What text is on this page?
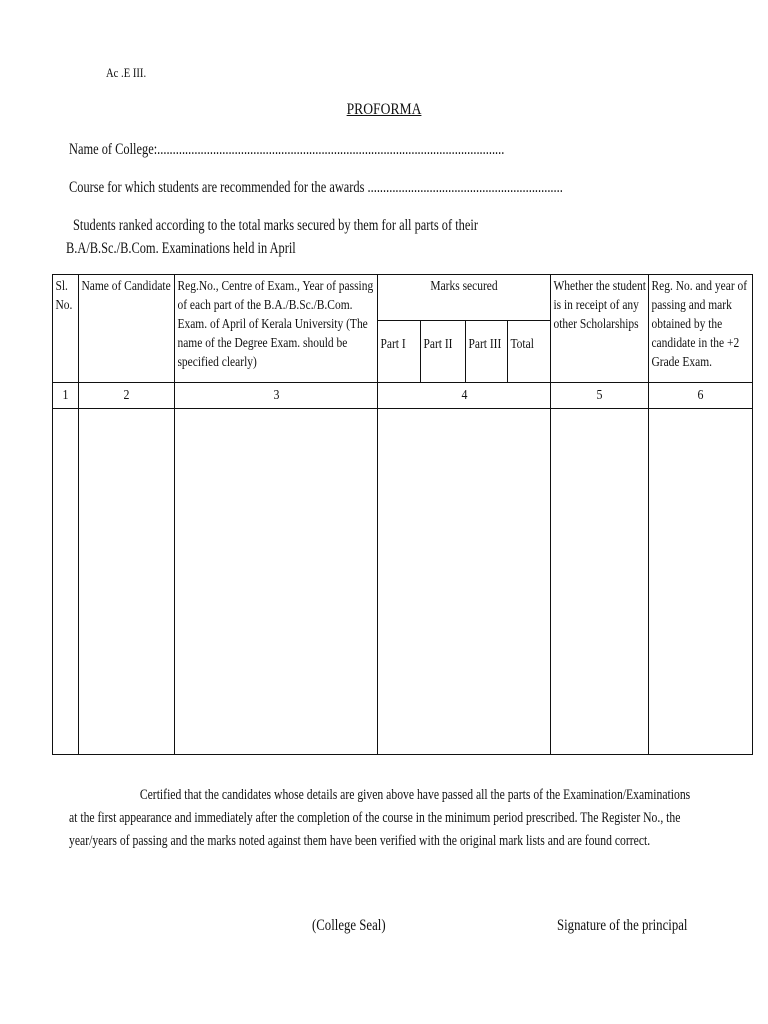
Ac .E III.
PROFORMA
Name of College:................................................................................................................
Course for which students are recommended for the awards ...............................................................
Students ranked according to the total marks secured by them for all parts of their
B.A/B.Sc./B.Com. Examinations held in April
Sl. No.	Name of Candidate	Reg.No., Centre of Exam., Year of passing of each part of the B.A./B.Sc./B.Com. Exam. of April of Kerala University (The name of the Degree Exam. should be specified clearly)	Marks secured				Whether the student is in receipt of any other Scholarships	Reg. No. and year of passing and mark obtained by the candidate in the +2 Grade Exam.

			Part I	Part II	Part III	Total		

1	2	3	4				5	6

Certified that the candidates whose details are given above have passed all the parts of the Examination/Examinations at the first appearance and immediately after the completion of the course in the minimum period prescribed. The Register No., the year/years of passing and the marks noted against them have been verified with the original mark lists and are found correct.
(College Seal)	Signature of the principal
